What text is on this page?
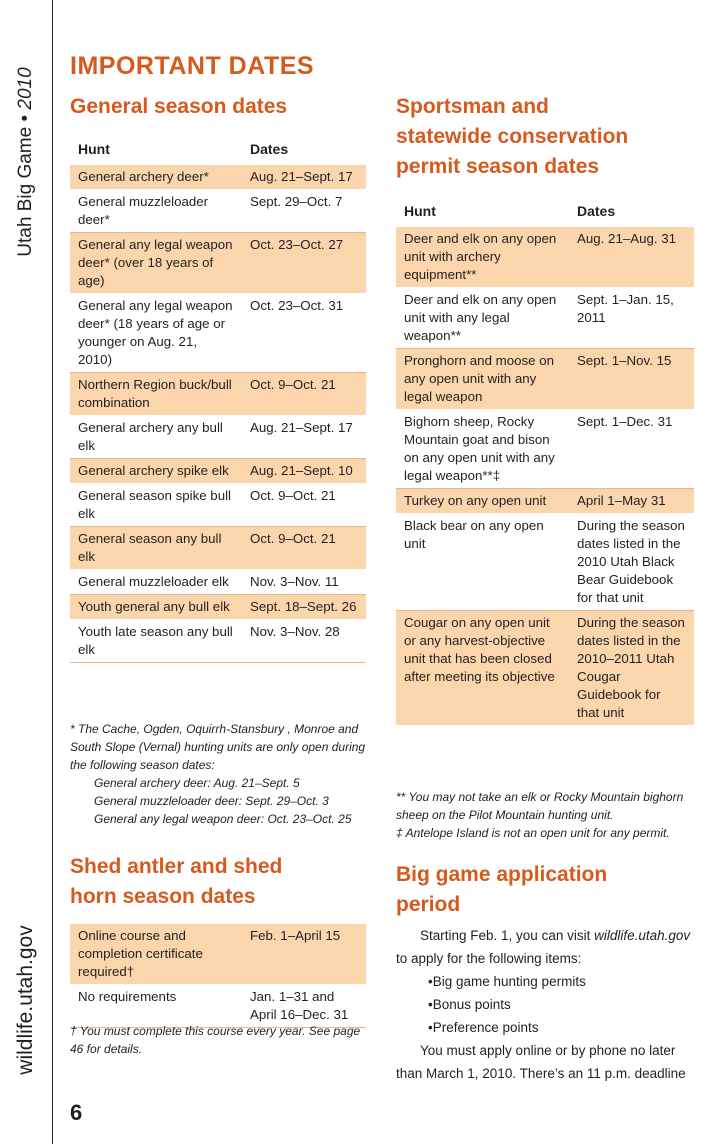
Utah Big Game • 2010
wildlife.utah.gov
IMPORTANT DATES
General season dates
Hunt	Dates
General archery deer*	Aug. 21–Sept. 17
General muzzleloader deer*	Sept. 29–Oct. 7
General any legal weapon deer* (over 18 years of age)	Oct. 23–Oct. 27
General any legal weapon deer* (18 years of age or younger on Aug. 21, 2010)	Oct. 23–Oct. 31
Northern Region buck/bull combination	Oct. 9–Oct. 21
General archery any bull elk	Aug. 21–Sept. 17
General archery spike elk	Aug. 21–Sept. 10
General season spike bull elk	Oct. 9–Oct. 21
General season any bull elk	Oct. 9–Oct. 21
General muzzleloader elk	Nov. 3–Nov. 11
Youth general any bull elk	Sept. 18–Sept. 26
Youth late season any bull elk	Nov. 3–Nov. 28
* The Cache, Ogden, Oquirrh-Stansbury , Monroe and South Slope (Vernal) hunting units are only open during the following season dates:
General archery deer: Aug. 21–Sept. 5
General muzzleloader deer: Sept. 29–Oct. 3
General any legal weapon deer: Oct. 23–Oct. 25
Shed antler and shed
horn season dates
Online course and completion certificate required†	Feb. 1–April 15
No requirements	Jan. 1–31 and April 16–Dec. 31
† You must complete this course every year. See page 46 for details.
Sportsman and
statewide conservation
permit season dates
Hunt	Dates
Deer and elk on any open unit with archery equipment**	Aug. 21–Aug. 31
Deer and elk on any open unit with any legal weapon**	Sept. 1–Jan. 15, 2011
Pronghorn and moose on any open unit with any legal weapon	Sept. 1–Nov. 15
Bighorn sheep, Rocky Mountain goat and bison on any open unit with any legal weapon**‡	Sept. 1–Dec. 31
Turkey on any open unit	April 1–May 31
Black bear on any open unit	During the season dates listed in the 2010 Utah Black Bear Guidebook for that unit
Cougar on any open unit or any harvest-objective unit that has been closed after meeting its objective	During the season dates listed in the 2010–2011 Utah Cougar Guidebook for that unit
** You may not take an elk or Rocky Mountain bighorn sheep on the Pilot Mountain hunting unit.
‡ Antelope Island is not an open unit for any permit.
Big game application
period
Starting Feb. 1, you can visit wildlife.utah.gov to apply for the following items:
•Big game hunting permits
•Bonus points
•Preference points
You must apply online or by phone no later than March 1, 2010. There’s an 11 p.m. deadline
6
